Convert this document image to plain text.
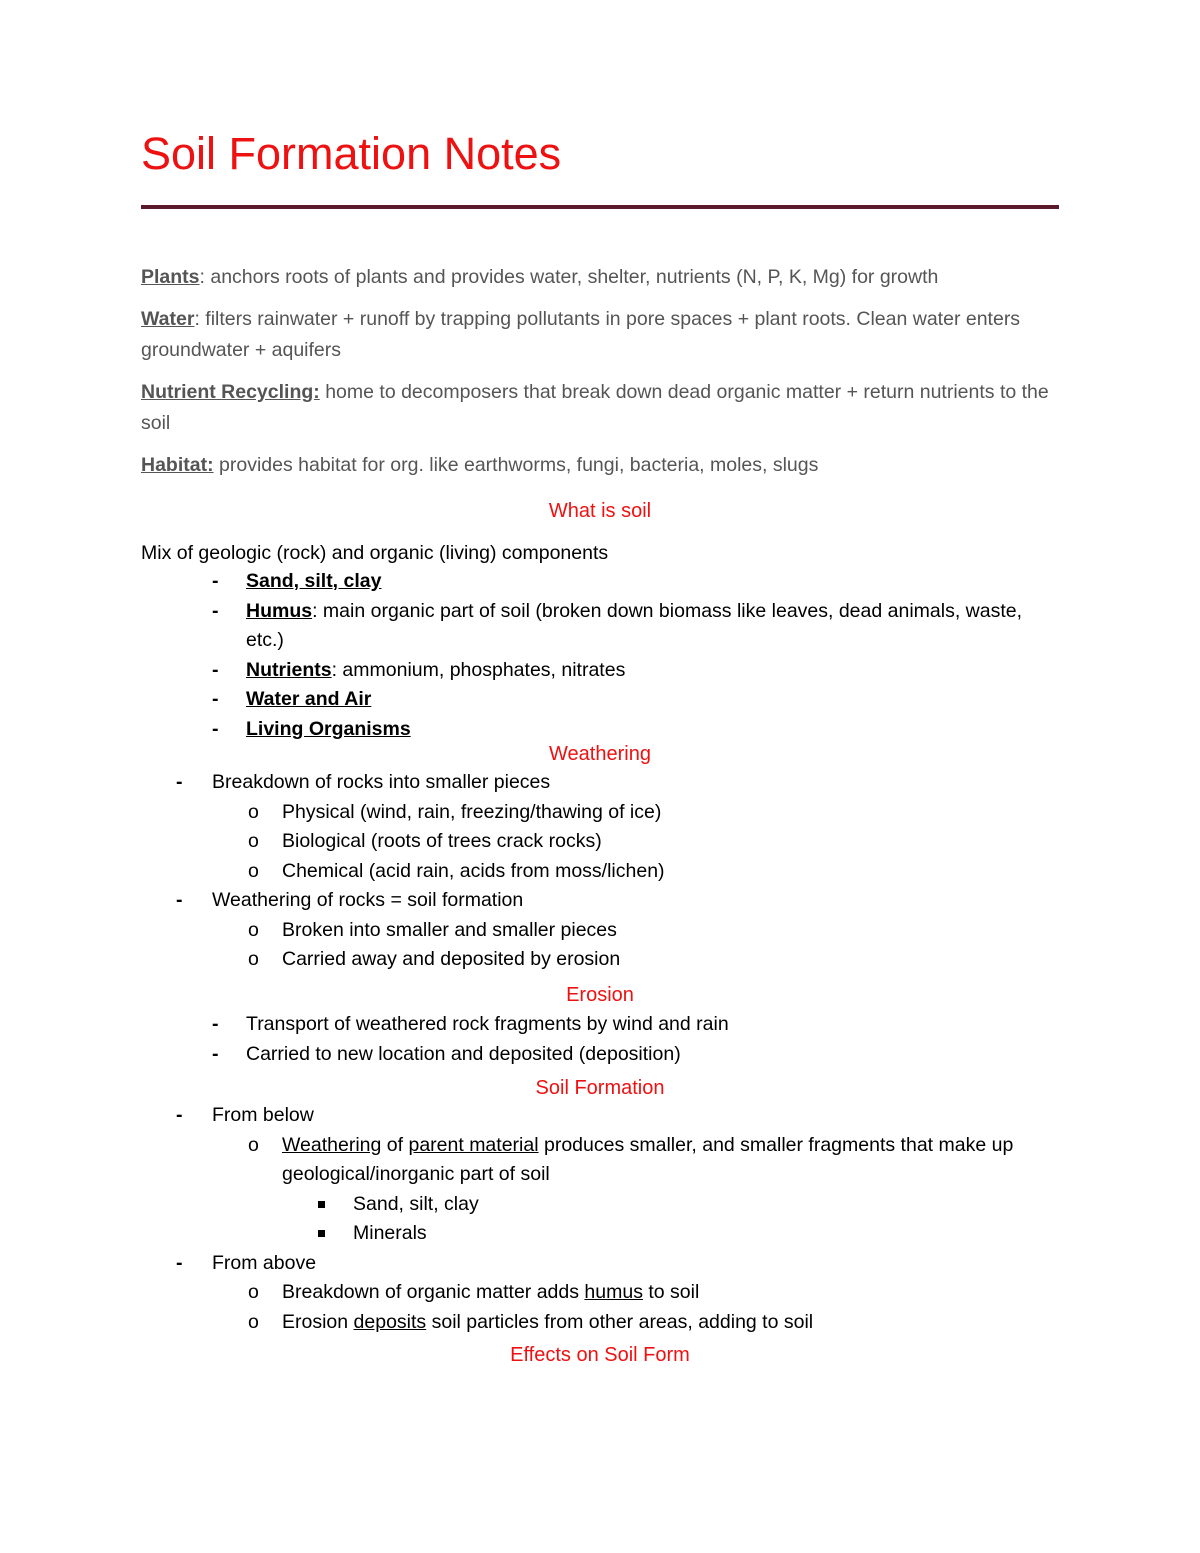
Soil Formation Notes

Plants: anchors roots of plants and provides water, shelter, nutrients (N, P, K, Mg) for growth

Water: filters rainwater + runoff by trapping pollutants in pore spaces + plant roots. Clean water enters groundwater + aquifers

Nutrient Recycling: home to decomposers that break down dead organic matter + return nutrients to the soil

Habitat: provides habitat for org. like earthworms, fungi, bacteria, moles, slugs

What is soil

Mix of geologic (rock) and organic (living) components

- Sand, silt, clay
- Humus: main organic part of soil (broken down biomass like leaves, dead animals, waste, etc.)
- Nutrients: ammonium, phosphates, nitrates
- Water and Air
- Living Organisms

Weathering

- Breakdown of rocks into smaller pieces
o Physical (wind, rain, freezing/thawing of ice)
o Biological (roots of trees crack rocks)
o Chemical (acid rain, acids from moss/lichen)
- Weathering of rocks = soil formation
o Broken into smaller and smaller pieces
o Carried away and deposited by erosion

Erosion

- Transport of weathered rock fragments by wind and rain
- Carried to new location and deposited (deposition)

Soil Formation

- From below
o Weathering of parent material produces smaller, and smaller fragments that make up geological/inorganic part of soil
Sand, silt, clay
Minerals
- From above
o Breakdown of organic matter adds humus to soil
o Erosion deposits soil particles from other areas, adding to soil

Effects on Soil Form
